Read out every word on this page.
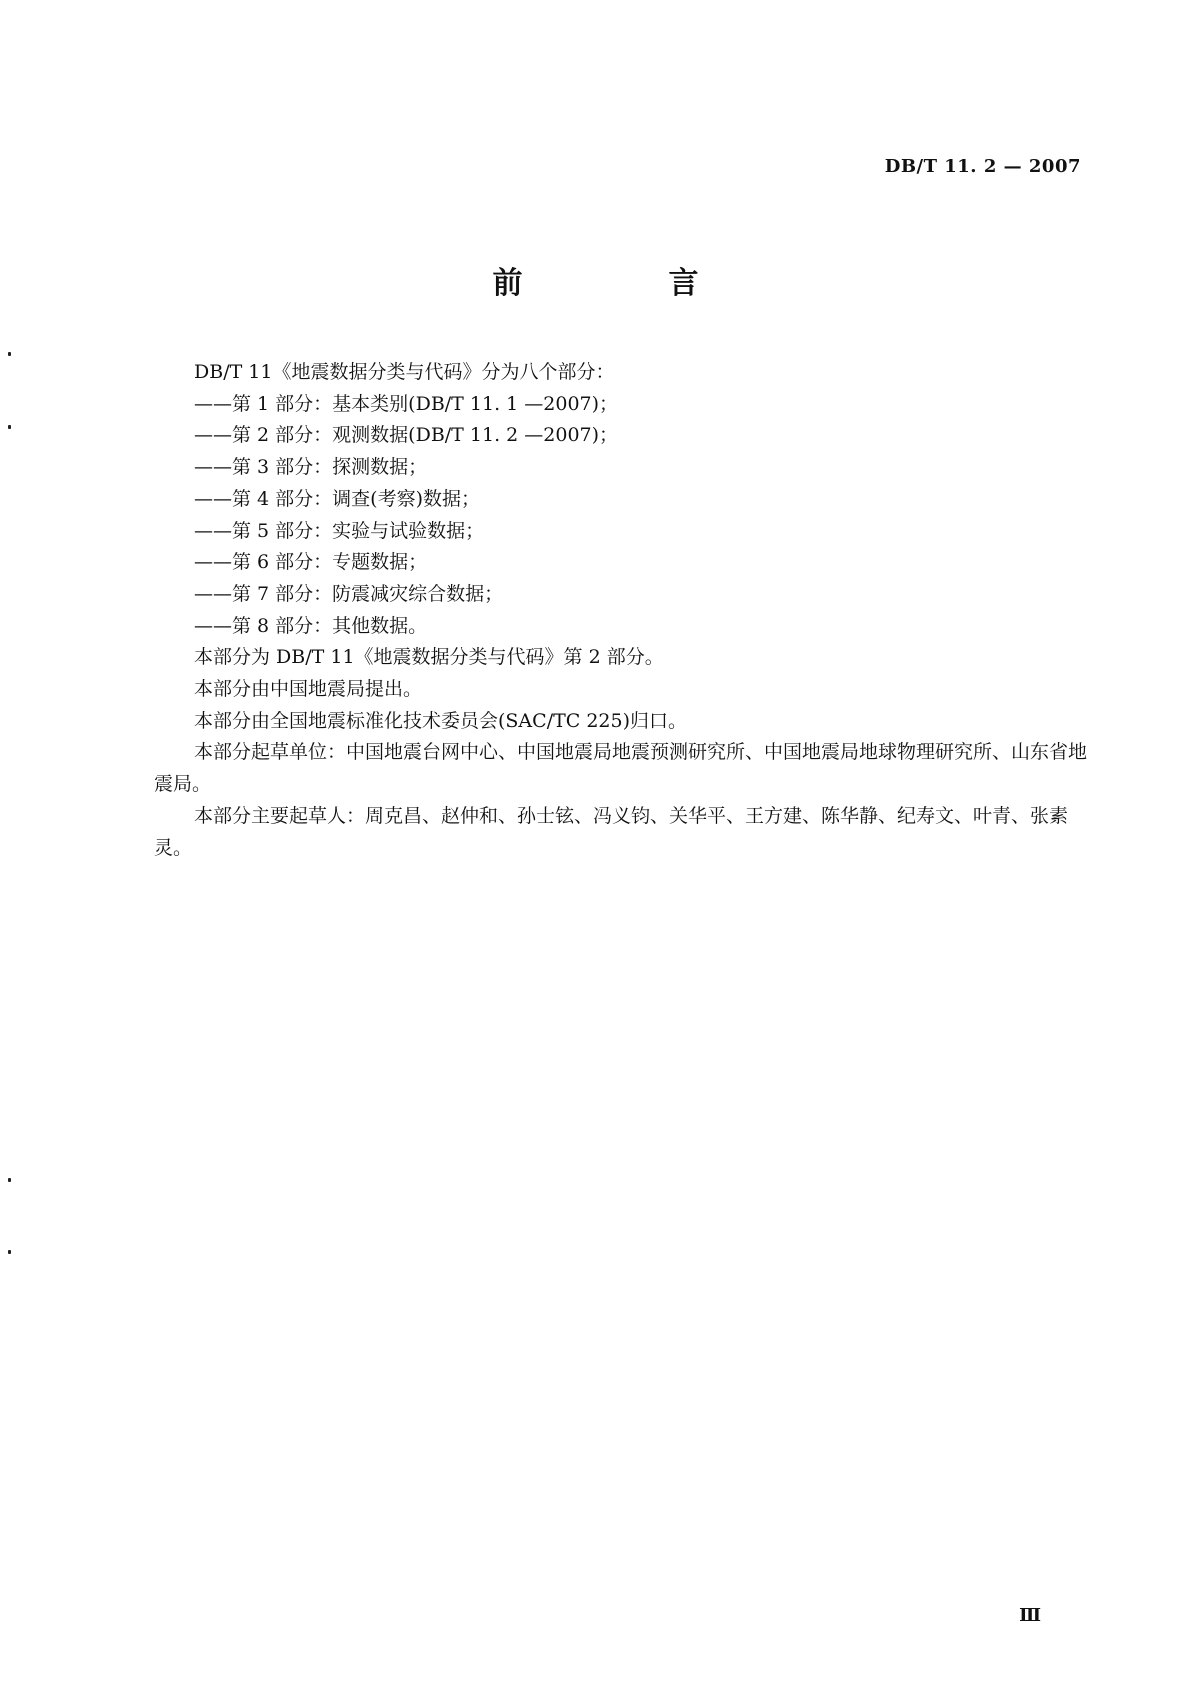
DB/T 11. 2 — 2007
前　言

DB/T 11《地震数据分类与代码》分为八个部分：

——第 1 部分：基本类别(DB/T 11. 1 —2007)；

——第 2 部分：观测数据(DB/T 11. 2 —2007)；

——第 3 部分：探测数据；

——第 4 部分：调查(考察)数据；

——第 5 部分：实验与试验数据；

——第 6 部分：专题数据；

——第 7 部分：防震减灾综合数据；

——第 8 部分：其他数据。

本部分为 DB/T 11《地震数据分类与代码》第 2 部分。

本部分由中国地震局提出。

本部分由全国地震标准化技术委员会(SAC/TC 225)归口。

本部分起草单位：中国地震台网中心、中国地震局地震预测研究所、中国地震局地球物理研究所、山东省地震局。

本部分主要起草人：周克昌、赵仲和、孙士铉、冯义钧、关华平、王方建、陈华静、纪寿文、叶青、张素灵。

Ⅲ
